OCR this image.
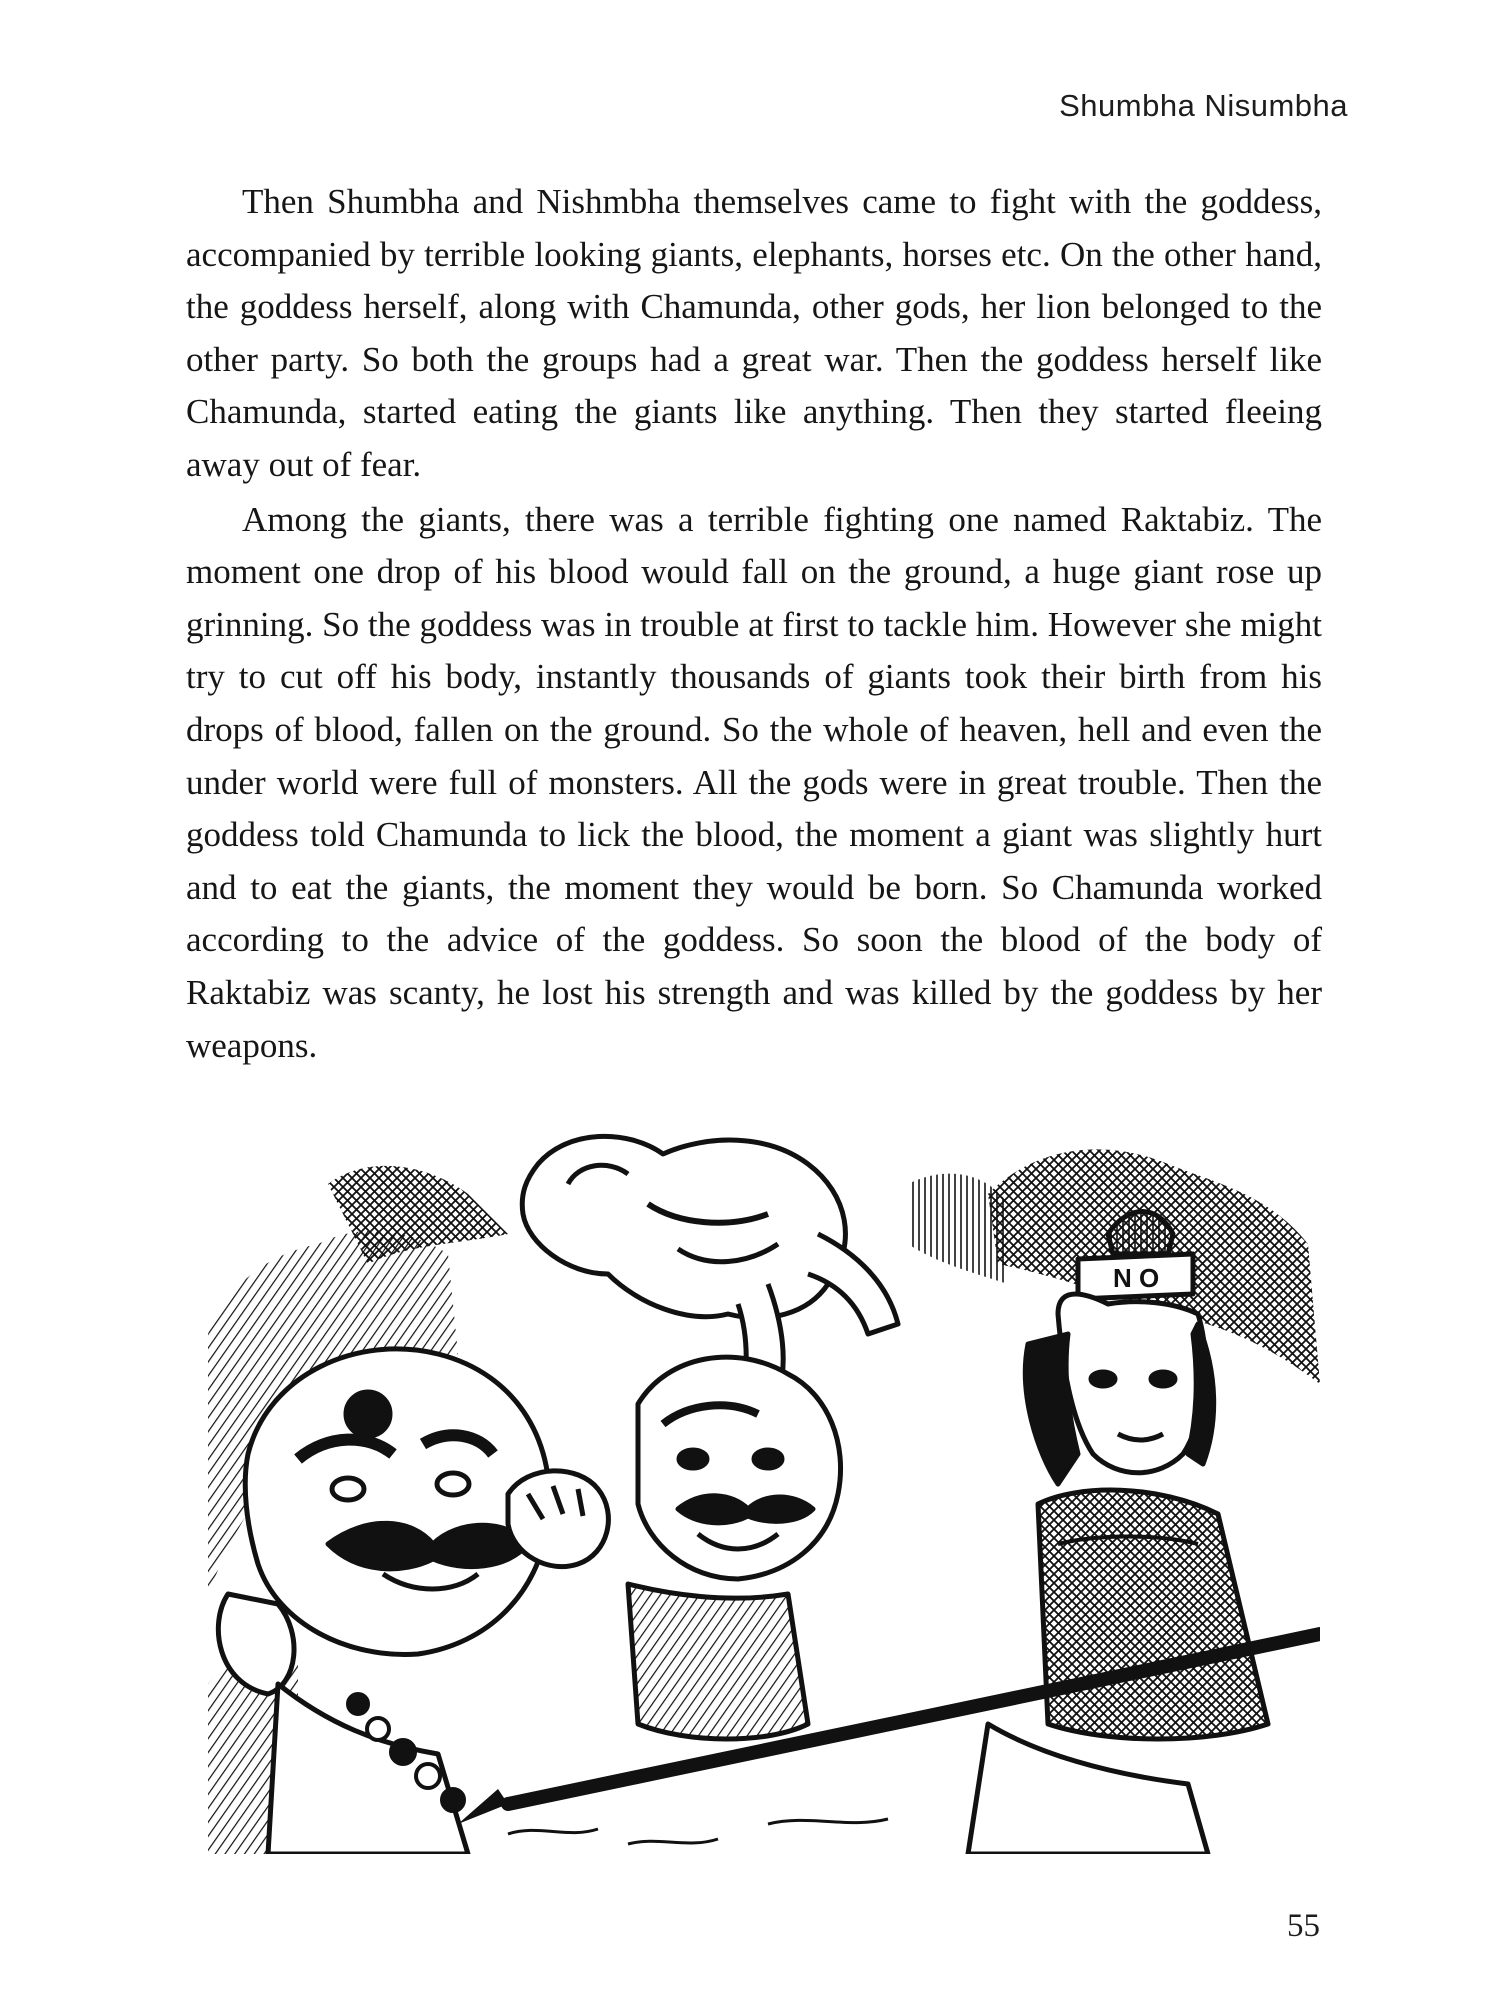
Shumbha Nisumbha

Then Shumbha and Nishmbha themselves came to fight with the goddess, accompanied by terrible looking giants, elephants, horses etc. On the other hand, the goddess herself, along with Chamunda, other gods, her lion belonged to the other party. So both the groups had a great war. Then the goddess herself like Chamunda, started eating the giants like anything. Then they started fleeing away out of fear.

Among the giants, there was a terrible fighting one named Raktabiz. The moment one drop of his blood would fall on the ground, a huge giant rose up grinning. So the goddess was in trouble at first to tackle him. However she might try to cut off his body, instantly thousands of giants took their birth from his drops of blood, fallen on the ground. So the whole of heaven, hell and even the under world were full of monsters. All the gods were in great trouble. Then the goddess told Chamunda to lick the blood, the moment a giant was slightly hurt and to eat the giants, the moment they would be born. So Chamunda worked according to the advice of the goddess. So soon the blood of the body of Raktabiz was scanty, he lost his strength and was killed by the goddess by her weapons.

N O
55
